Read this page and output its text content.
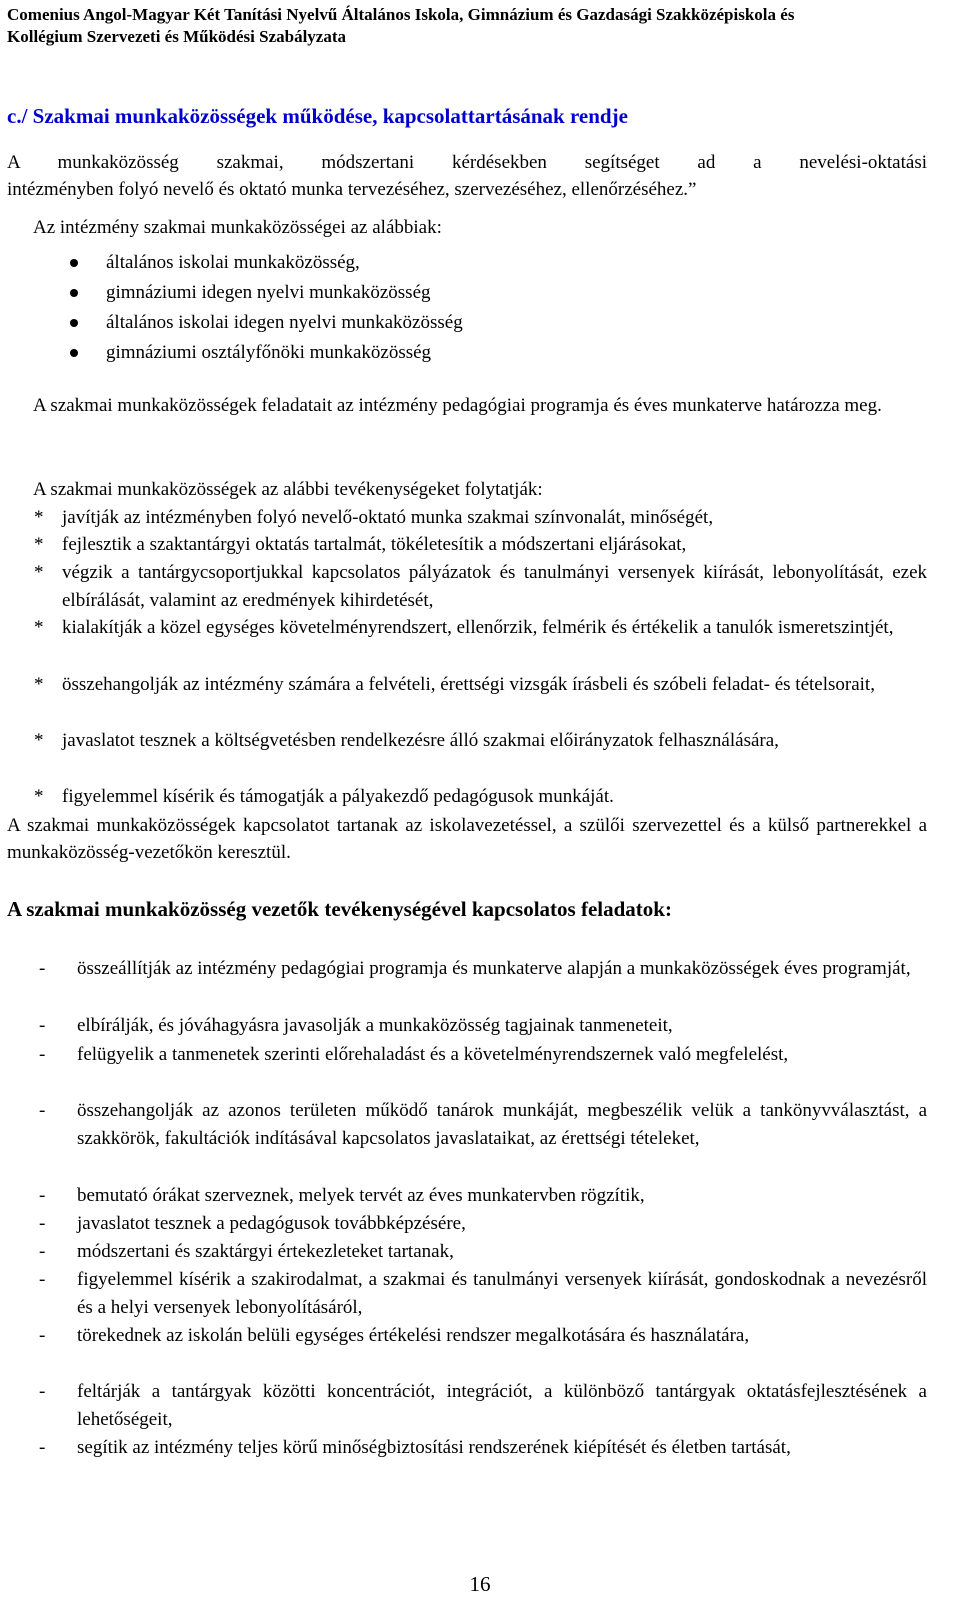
Comenius Angol-Magyar Két Tanítási Nyelvű Általános Iskola, Gimnázium és Gazdasági Szakközépiskola és
Kollégium Szervezeti és Működési Szabályzata
c./ Szakmai munkaközösségek működése, kapcsolattartásának rendje
A munkaközösség szakmai, módszertani kérdésekben segítséget ad a nevelési-oktatási
intézményben folyó nevelő és oktató munka tervezéséhez, szervezéséhez, ellenőrzéséhez.”
Az intézmény szakmai munkaközösségei az alábbiak:
általános iskolai munkaközösség,
gimnáziumi idegen nyelvi munkaközösség
általános iskolai idegen nyelvi munkaközösség
gimnáziumi osztályfőnöki munkaközösség
A szakmai munkaközösségek feladatait az intézmény pedagógiai programja és éves munkaterve határozza meg.
A szakmai munkaközösségek az alábbi tevékenységeket folytatják:
* javítják az intézményben folyó nevelő-oktató munka szakmai színvonalát, minőségét,
* fejlesztik a szaktantárgyi oktatás tartalmát, tökéletesítik a módszertani eljárásokat,
* végzik a tantárgycsoportjukkal kapcsolatos pályázatok és tanulmányi versenyek kiírását, lebonyolítását, ezek elbírálását, valamint az eredmények kihirdetését,
* kialakítják a közel egységes követelményrendszert, ellenőrzik, felmérik és értékelik a tanulók ismeretszintjét,
* összehangolják az intézmény számára a felvételi, érettségi vizsgák írásbeli és szóbeli feladat- és tételsorait,
* javaslatot tesznek a költségvetésben rendelkezésre álló szakmai előirányzatok felhasználására,
* figyelemmel kísérik és támogatják a pályakezdő pedagógusok munkáját.
A szakmai munkaközösségek kapcsolatot tartanak az iskolavezetéssel, a szülői szervezettel és a külső partnerekkel a munkaközösség-vezetőkön keresztül.
A szakmai munkaközösség vezetők tevékenységével kapcsolatos feladatok:
-	összeállítják az intézmény pedagógiai programja és munkaterve alapján a munkaközösségek éves programját,
-	elbírálják, és jóváhagyásra javasolják a munkaközösség tagjainak tanmeneteit,
-	felügyelik a tanmenetek szerinti előrehaladást és a követelményrendszernek való megfelelést,
-	összehangolják az azonos területen működő tanárok munkáját, megbeszélik velük a tankönyvválasztást, a szakkörök, fakultációk indításával kapcsolatos javaslataikat, az érettségi tételeket,
-	bemutató órákat szerveznek, melyek tervét az éves munkatervben rögzítik,
-	javaslatot tesznek a pedagógusok továbbképzésére,
-	módszertani és szaktárgyi értekezleteket tartanak,
-	figyelemmel kísérik a szakirodalmat, a szakmai és tanulmányi versenyek kiírását, gondoskodnak a nevezésről és a helyi versenyek lebonyolításáról,
-	törekednek az iskolán belüli egységes értékelési rendszer megalkotására és használatára,
-	feltárják a tantárgyak közötti koncentrációt, integrációt, a különböző tantárgyak oktatásfejlesztésének a lehetőségeit,
-	segítik az intézmény teljes körű minőségbiztosítási rendszerének kiépítését és életben tartását,
16
